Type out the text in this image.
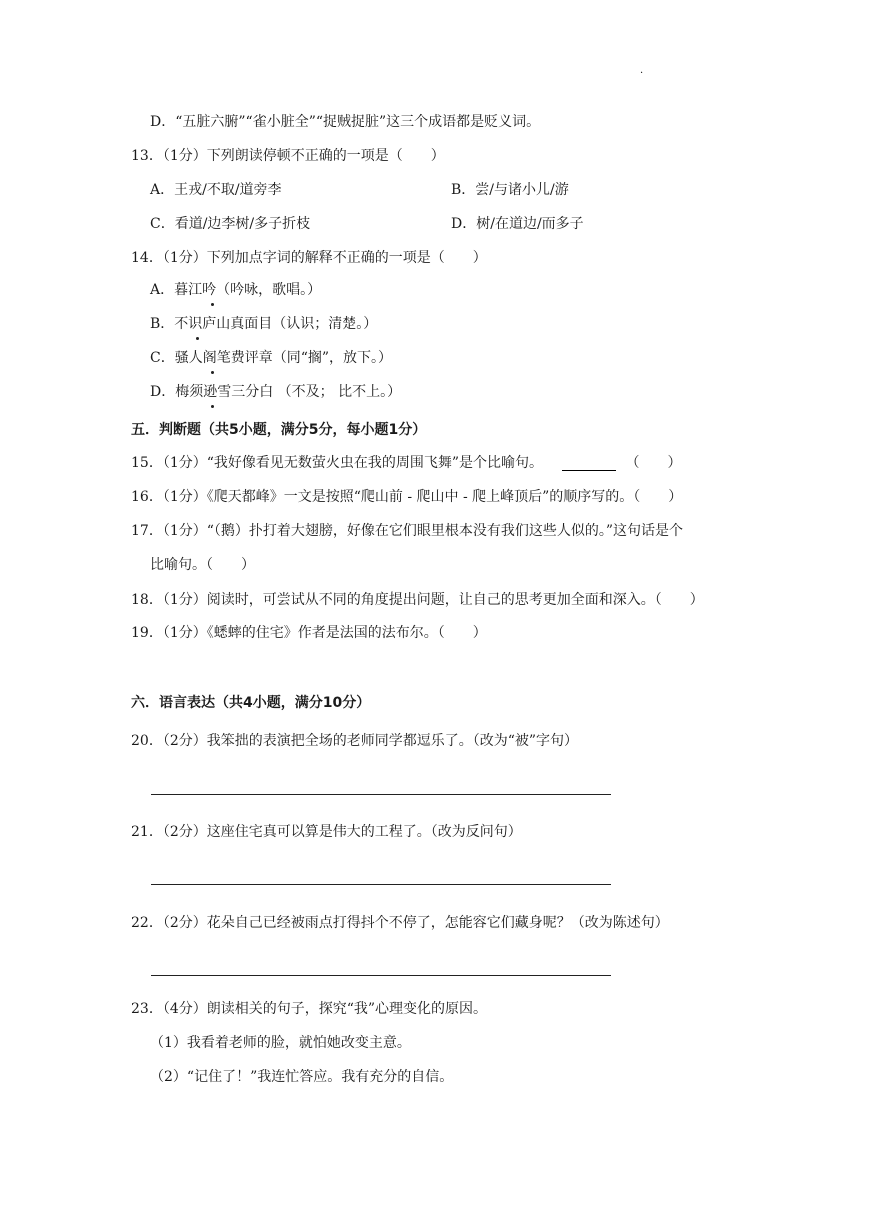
·
D．“五脏六腑”“雀小脏全”“捉贼捉脏”这三个成语都是贬义词。
13．（1分）下列朗读停顿不正确的一项是（　　）
A．王戎/不取/道旁李	B．尝/与诸小儿/游
C．看道/边李树/多子折枝	D．树/在道边/而多子
14．（1分）下列加点字词的解释不正确的一项是（　　）
A．暮江吟（吟咏，歌唱。）
B．不识庐山真面目（认识；清楚。）
C．骚人阁笔费评章（同“搁”，放下。）
D．梅须逊雪三分白 （不及； 比不上。）
五．判断题（共5小题，满分5分，每小题1分）
15．（1分）“我好像看见无数萤火虫在我的周围飞舞”是个比喻句。	（　　）
16．（1分）《爬天都峰》一文是按照“爬山前 - 爬山中 - 爬上峰顶后”的顺序写的。（　　）
17．（1分）“（鹅）扑打着大翅膀，好像在它们眼里根本没有我们这些人似的。”这句话是个
比喻句。（　　）
18．（1分）阅读时，可尝试从不同的角度提出问题，让自己的思考更加全面和深入。（　　）
19．（1分）《蟋蟀的住宅》作者是法国的法布尔。（　　）
六．语言表达（共4小题，满分10分）
20．（2分）我笨拙的表演把全场的老师同学都逗乐了。（改为“被”字句）
21．（2分）这座住宅真可以算是伟大的工程了。（改为反问句）
22．（2分）花朵自己已经被雨点打得抖个不停了，怎能容它们藏身呢？（改为陈述句）
23．（4分）朗读相关的句子，探究“我”心理变化的原因。
（1）我看着老师的脸，就怕她改变主意。
（2）“记住了！”我连忙答应。我有充分的自信。
